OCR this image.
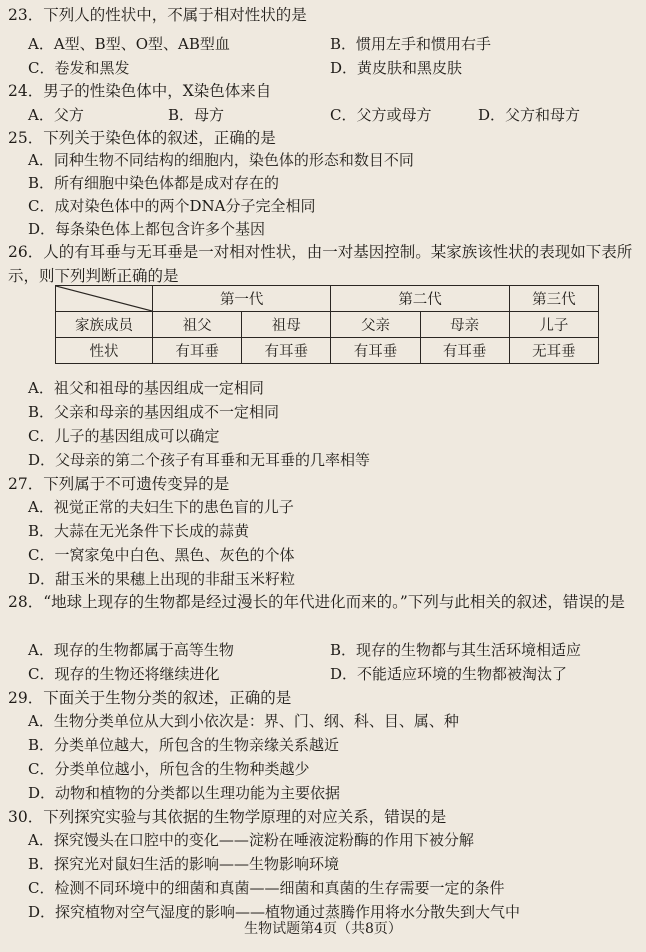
23．下列人的性状中，不属于相对性状的是
A．A型、B型、O型、AB型血	B．惯用左手和惯用右手
C．卷发和黑发	D．黄皮肤和黑皮肤
24．男子的性染色体中，X染色体来自
A．父方	B．母方	C．父方或母方	D．父方和母方
25．下列关于染色体的叙述，正确的是
A．同种生物不同结构的细胞内，染色体的形态和数目不同
B．所有细胞中染色体都是成对存在的
C．成对染色体中的两个DNA分子完全相同
D．每条染色体上都包含许多个基因
26．人的有耳垂与无耳垂是一对相对性状，由一对基因控制。某家族该性状的表现如下表所示，则下列判断正确的是
	第一代		第二代		第三代
家族成员	祖父	祖母	父亲	母亲	儿子
性状	有耳垂	有耳垂	有耳垂	有耳垂	无耳垂
A．祖父和祖母的基因组成一定相同
B．父亲和母亲的基因组成不一定相同
C．儿子的基因组成可以确定
D．父母亲的第二个孩子有耳垂和无耳垂的几率相等
27．下列属于不可遗传变异的是
A．视觉正常的夫妇生下的患色盲的儿子
B．大蒜在无光条件下长成的蒜黄
C．一窝家兔中白色、黑色、灰色的个体
D．甜玉米的果穗上出现的非甜玉米籽粒
28．“地球上现存的生物都是经过漫长的年代进化而来的。”下列与此相关的叙述，错误的是
A．现存的生物都属于高等生物	B．现存的生物都与其生活环境相适应
C．现存的生物还将继续进化	D．不能适应环境的生物都被淘汰了
29．下面关于生物分类的叙述，正确的是
A．生物分类单位从大到小依次是：界、门、纲、科、目、属、种
B．分类单位越大，所包含的生物亲缘关系越近
C．分类单位越小，所包含的生物种类越少
D．动物和植物的分类都以生理功能为主要依据
30．下列探究实验与其依据的生物学原理的对应关系，错误的是
A．探究馒头在口腔中的变化——淀粉在唾液淀粉酶的作用下被分解
B．探究光对鼠妇生活的影响——生物影响环境
C．检测不同环境中的细菌和真菌——细菌和真菌的生存需要一定的条件
D．探究植物对空气湿度的影响——植物通过蒸腾作用将水分散失到大气中
生物试题第4页（共8页）
